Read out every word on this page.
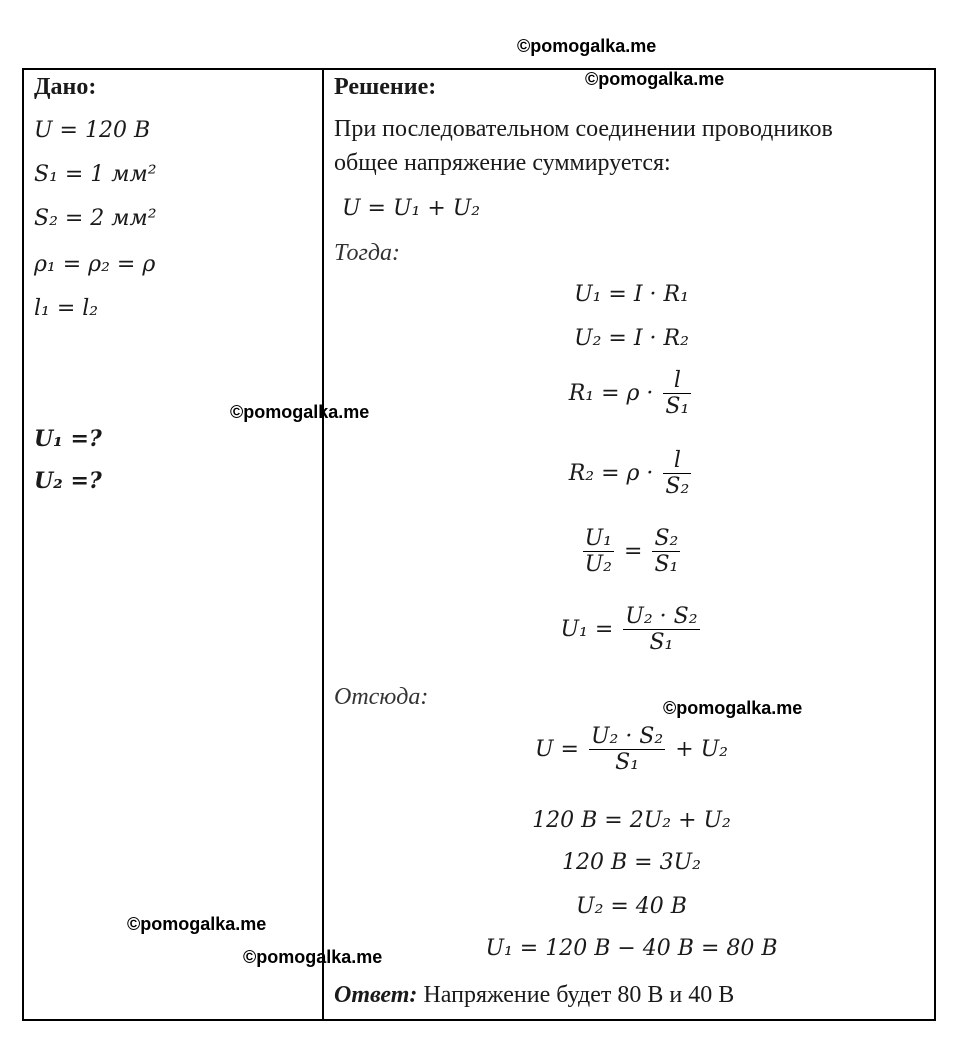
©pomogalka.me
©pomogalka.me
©pomogalka.me
©pomogalka.me
©pomogalka.me
©pomogalka.me
Дано:
U = 120 В
S₁ = 1 мм²
S₂ = 2 мм²
ρ₁ = ρ₂ = ρ
l₁ = l₂
U₁ =?
U₂ =?
Решение:
При последовательном соединении проводников
общее напряжение суммируется:
U = U₁ + U₂
Тогда:
U₁ = I · R₁
U₂ = I · R₂
$R_1 = \rho \cdot \frac{l}{\text{S₁}}$
$R_2 = \rho \cdot \frac{l}{\text{S₂}}$
$\frac{\text{U₁}}{\text{U₂}} = \frac{\text{S₂}}{\text{S₁}}$
$U_1 = \frac{\text{U₂ · S₂}}{\text{S₁}}$
Отсюда:
$U = \frac{\text{U₂ · S₂}}{\text{S₁}} + U_2$
120 В = 2U₂ + U₂
120 В = 3U₂
U₂ = 40 В
U₁ = 120 В − 40 В = 80 В
Ответ: Напряжение будет 80 В и 40 В
